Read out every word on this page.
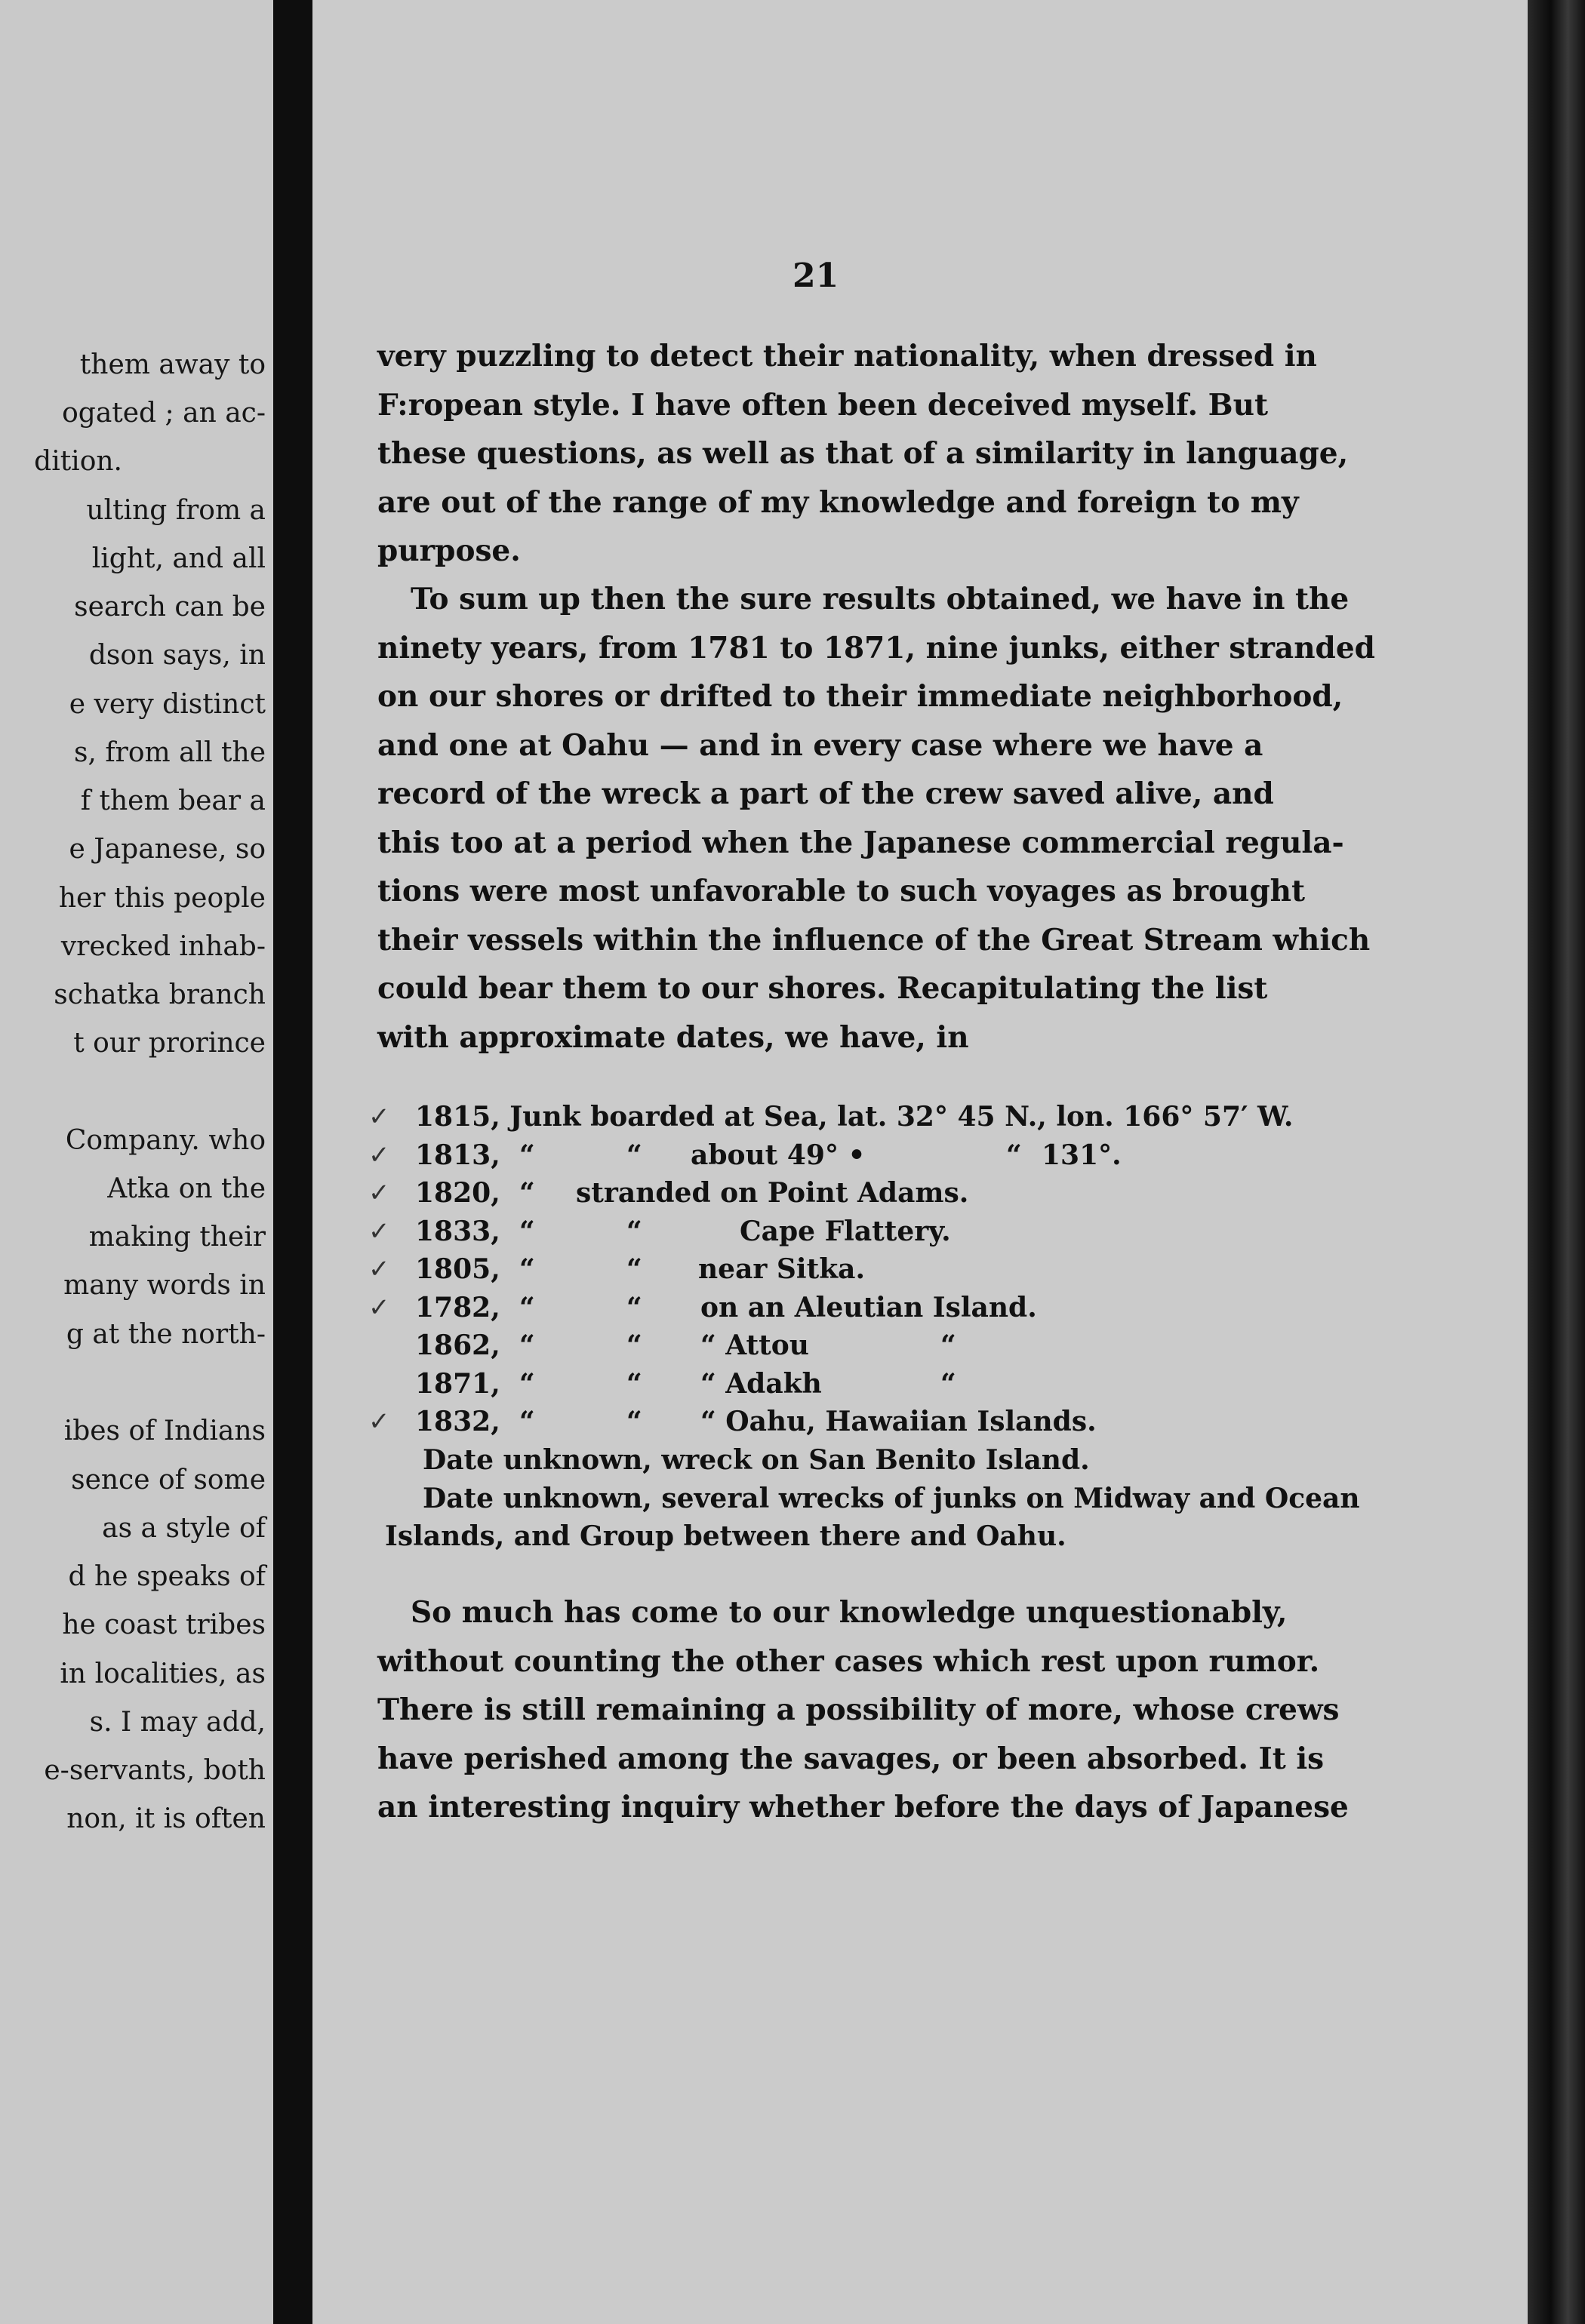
them away to
ogated ; an ac-
dition.
ulting from a
light, and all
search can be
dson says, in
e very distinct
s, from all the
f them bear a
e Japanese, so
her this people
vrecked inhab-
schatka branch
t our prorince
Company. who
Atka on the
making their
many words in
g at the north-
ibes of Indians
sence of some
as a style of
d he speaks of
he coast tribes
in localities, as
s. I may add,
e-servants, both
non, it is often
21
very puzzling to detect their nationality, when dressed in
F:ropean style. I have often been deceived myself. But
these questions, as well as that of a similarity in language,
are out of the range of my knowledge and foreign to my
purpose.
To sum up then the sure results obtained, we have in the
ninety years, from 1781 to 1871, nine junks, either stranded
on our shores or drifted to their immediate neighborhood,
and one at Oahu — and in every case where we have a
record of the wreck a part of the crew saved alive, and
this too at a period when the Japanese commercial regula-
tions were most unfavorable to such voyages as brought
their vessels within the influence of the Great Stream which
could bear them to our shores. Recapitulating the list
with approximate dates, we have, in
✓ 1815, Junk boarded at Sea, lat. 32° 45 N., lon. 166° 57′ W.
✓ 1813, “	“ about 49° •	“ 131°.
✓ 1820, “ stranded on Point Adams.
✓ 1833, “	“	Cape Flattery.
✓ 1805, “	“ near Sitka.
✓ 1782, “	“ on an Aleutian Island.
1862, “	“ “ Attou	“
1871, “	“ “ Adakh	“
✓ 1832, “	“ “ Oahu, Hawaiian Islands.
Date unknown, wreck on San Benito Island.
Date unknown, several wrecks of junks on Midway and Ocean
Islands, and Group between there and Oahu.
So much has come to our knowledge unquestionably,
without counting the other cases which rest upon rumor.
There is still remaining a possibility of more, whose crews
have perished among the savages, or been absorbed. It is
an interesting inquiry whether before the days of Japanese
